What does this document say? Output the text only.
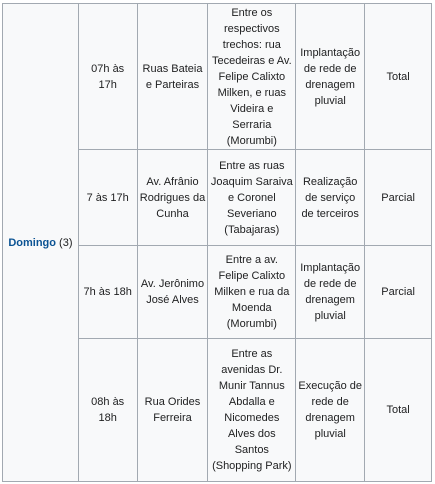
Domingo (3)	07h às 17h	Ruas Bateia e Parteiras	Entre os respectivos trechos: rua Tecedeiras e Av. Felipe Calixto Milken, e ruas Videira e Serraria (Morumbi)	Implantação de rede de drenagem pluvial	Total
	7 às 17h	Av. Afrânio Rodrigues da Cunha	Entre as ruas Joaquim Saraiva e Coronel Severiano (Tabajaras)	Realização de serviço de terceiros	Parcial
	7h às 18h	Av. Jerônimo José Alves	Entre a av. Felipe Calixto Milken e rua da Moenda (Morumbi)	Implantação de rede de drenagem pluvial	Parcial
	08h às 18h	Rua Orides Ferreira	Entre as avenidas Dr. Munir Tannus Abdalla e Nicomedes Alves dos Santos (Shopping Park)	Execução de rede de drenagem pluvial	Total
